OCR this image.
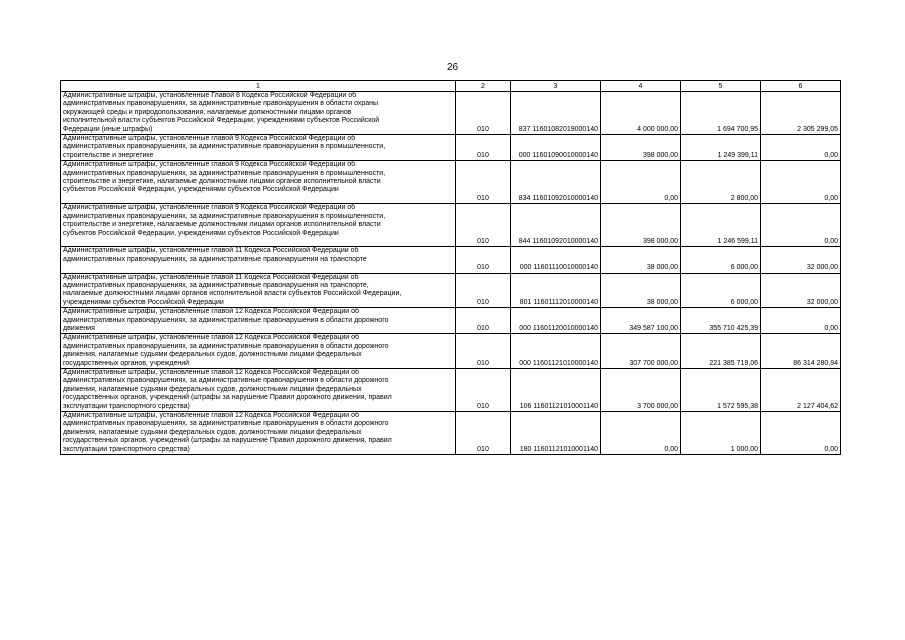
26
1	2	3	4	5	6

Административные штрафы, установленные Главой 8 Кодекса Российской Федерации об
административных правонарушениях, за административные правонарушения в области охраны
окружающей среды и природопользования, налагаемые должностными лицами органов
исполнительной власти субъектов Российской Федерации, учреждениями субъектов Российской
Федерации (иные штрафы)	010	837 11601082019000140	4 000 000,00	1 694 700,95	2 305 299,05

Административные штрафы, установленные главой 9 Кодекса Российской Федерации об
административных правонарушениях, за административные правонарушения в промышленности,
строительстве и энергетике	010	000 11601090010000140	398 000,00	1 249 399,11	0,00

Административные штрафы, установленные главой 9 Кодекса Российской Федерации об
административных правонарушениях, за административные правонарушения в промышленности,
строительстве и энергетике, налагаемые должностными лицами органов исполнительной власти
субъектов Российской Федерации, учреждениями субъектов Российской Федерации	010	834 11601092010000140	0,00	2 800,00	0,00

Административные штрафы, установленные главой 9 Кодекса Российской Федерации об
административных правонарушениях, за административные правонарушения в промышленности,
строительстве и энергетике, налагаемые должностными лицами органов исполнительной власти
субъектов Российской Федерации, учреждениями субъектов Российской Федерации	010	844 11601092010000140	398 000,00	1 246 599,11	0,00

Административные штрафы, установленные главой 11 Кодекса Российской Федерации об
административных правонарушениях, за административные правонарушения на транспорте	010	000 11601110010000140	38 000,00	6 000,00	32 000,00

Административные штрафы, установленные главой 11 Кодекса Российской Федерации об
административных правонарушениях, за административные правонарушения на транспорте,
налагаемые должностными лицами органов исполнительной власти субъектов Российской Федерации,
учреждениями субъектов Российской Федерации	010	801 11601112010000140	38 000,00	6 000,00	32 000,00

Административные штрафы, установленные главой 12 Кодекса Российской Федерации об
административных правонарушениях, за административные правонарушения в области дорожного
движения	010	000 11601120010000140	349 587 100,00	355 710 425,39	0,00

Административные штрафы, установленные главой 12 Кодекса Российской Федерации об
административных правонарушениях, за административные правонарушения в области дорожного
движения, налагаемые судьями федеральных судов, должностными лицами федеральных
государственных органов, учреждений	010	000 11601121010000140	307 700 000,00	221 385 719,06	86 314 280,94

Административные штрафы, установленные главой 12 Кодекса Российской Федерации об
административных правонарушениях, за административные правонарушения в области дорожного
движения, налагаемые судьями федеральных судов, должностными лицами федеральных
государственных органов, учреждений (штрафы за нарушение Правил дорожного движения, правил
эксплуатации транспортного средства)	010	106 11601121010001140	3 700 000,00	1 572 595,38	2 127 404,62

Административные штрафы, установленные главой 12 Кодекса Российской Федерации об
административных правонарушениях, за административные правонарушения в области дорожного
движения, налагаемые судьями федеральных судов, должностными лицами федеральных
государственных органов, учреждений (штрафы за нарушение Правил дорожного движения, правил
эксплуатации транспортного средства)	010	180 11601121010001140	0,00	1 000,00	0,00
